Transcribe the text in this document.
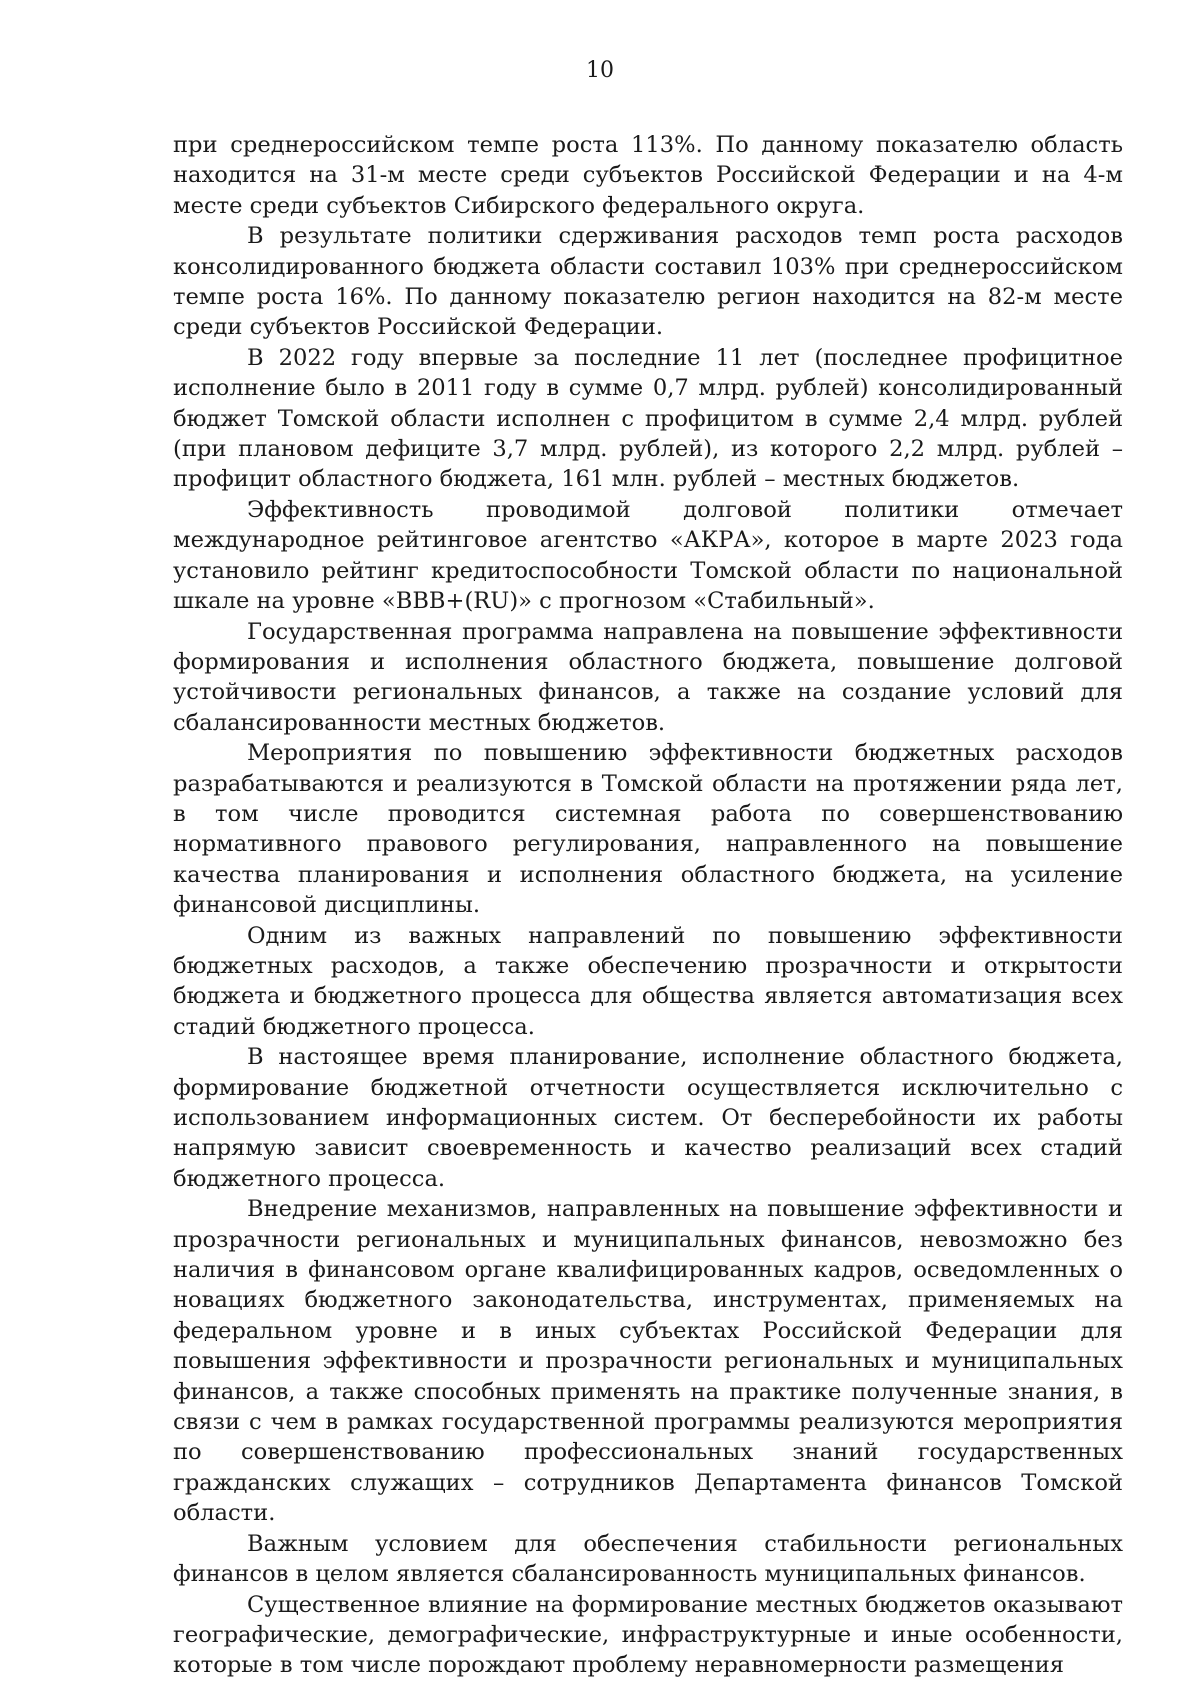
10

при среднероссийском темпе роста 113%. По данному показателю область находится на 31-м месте среди субъектов Российской Федерации и на 4-м месте среди субъектов Сибирского федерального округа.

В результате политики сдерживания расходов темп роста расходов консолидированного бюджета области составил 103% при среднероссийском темпе роста 16%. По данному показателю регион находится на 82-м месте среди субъектов Российской Федерации.

В 2022 году впервые за последние 11 лет (последнее профицитное исполнение было в 2011 году в сумме 0,7 млрд. рублей) консолидированный бюджет Томской области исполнен с профицитом в сумме 2,4 млрд. рублей (при плановом дефиците 3,7 млрд. рублей), из которого 2,2 млрд. рублей – профицит областного бюджета, 161 млн. рублей – местных бюджетов.

Эффективность проводимой долговой политики отмечает международное рейтинговое агентство «АКРА», которое в марте 2023 года установило рейтинг кредитоспособности Томской области по национальной шкале на уровне «BBB+(RU)» с прогнозом «Стабильный».

Государственная программа направлена на повышение эффективности формирования и исполнения областного бюджета, повышение долговой устойчивости региональных финансов, а также на создание условий для сбалансированности местных бюджетов.

Мероприятия по повышению эффективности бюджетных расходов разрабатываются и реализуются в Томской области на протяжении ряда лет, в том числе проводится системная работа по совершенствованию нормативного правового регулирования, направленного на повышение качества планирования и исполнения областного бюджета, на усиление финансовой дисциплины.

Одним из важных направлений по повышению эффективности бюджетных расходов, а также обеспечению прозрачности и открытости бюджета и бюджетного процесса для общества является автоматизация всех стадий бюджетного процесса.

В настоящее время планирование, исполнение областного бюджета, формирование бюджетной отчетности осуществляется исключительно с использованием информационных систем. От бесперебойности их работы напрямую зависит своевременность и качество реализаций всех стадий бюджетного процесса.

Внедрение механизмов, направленных на повышение эффективности и прозрачности региональных и муниципальных финансов, невозможно без наличия в финансовом органе квалифицированных кадров, осведомленных о новациях бюджетного законодательства, инструментах, применяемых на федеральном уровне и в иных субъектах Российской Федерации для повышения эффективности и прозрачности региональных и муниципальных финансов, а также способных применять на практике полученные знания, в связи с чем в рамках государственной программы реализуются мероприятия по совершенствованию профессиональных знаний государственных гражданских служащих – сотрудников Департамента финансов Томской области.

Важным условием для обеспечения стабильности региональных финансов в целом является сбалансированность муниципальных финансов.

Существенное влияние на формирование местных бюджетов оказывают географические, демографические, инфраструктурные и иные особенности, которые в том числе порождают проблему неравномерности размещения
